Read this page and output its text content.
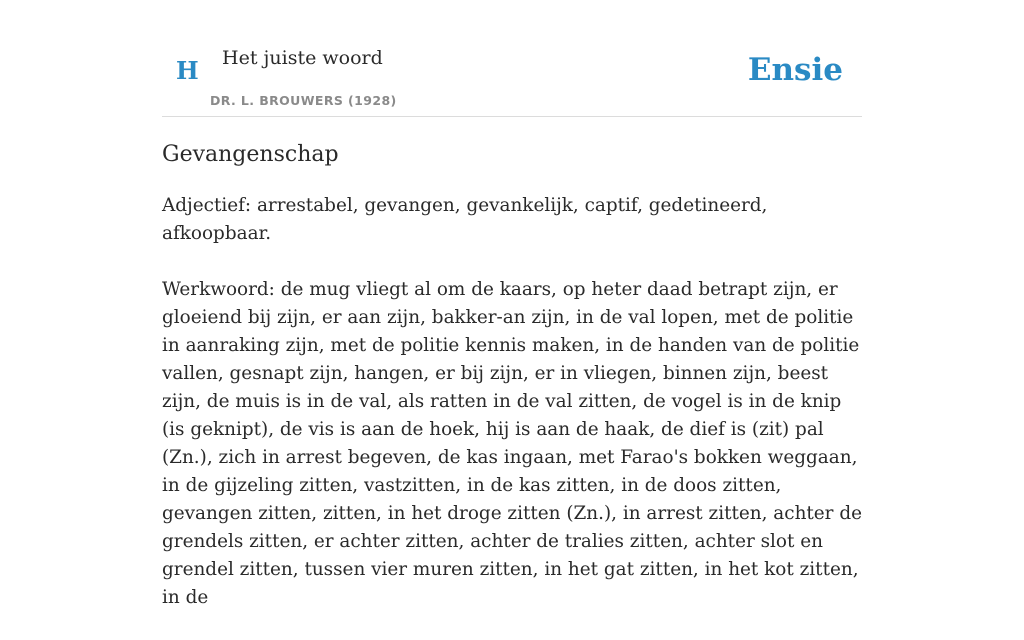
H Het juiste woord
DR. L. BROUWERS (1928)
Ensie
Gevangenschap

Adjectief: arrestabel, gevangen, gevankelijk, captif, gedetineerd, afkoopbaar.

Werkwoord: de mug vliegt al om de kaars, op heter daad betrapt zijn, er gloeiend bij zijn, er aan zijn, bakker-an zijn, in de val lopen, met de politie in aanraking zijn, met de politie kennis maken, in de handen van de politie vallen, gesnapt zijn, hangen, er bij zijn, er in vliegen, binnen zijn, beest zijn, de muis is in de val, als ratten in de val zitten, de vogel is in de knip (is geknipt), de vis is aan de hoek, hij is aan de haak, de dief is (zit) pal (Zn.), zich in arrest begeven, de kas ingaan, met Farao's bokken weggaan, in de gijzeling zitten, vastzitten, in de kas zitten, in de doos zitten, gevangen zitten, zitten, in het droge zitten (Zn.), in arrest zitten, achter de grendels zitten, er achter zitten, achter de tralies zitten, achter slot en grendel zitten, tussen vier muren zitten, in het gat zitten, in het kot zitten, in de
